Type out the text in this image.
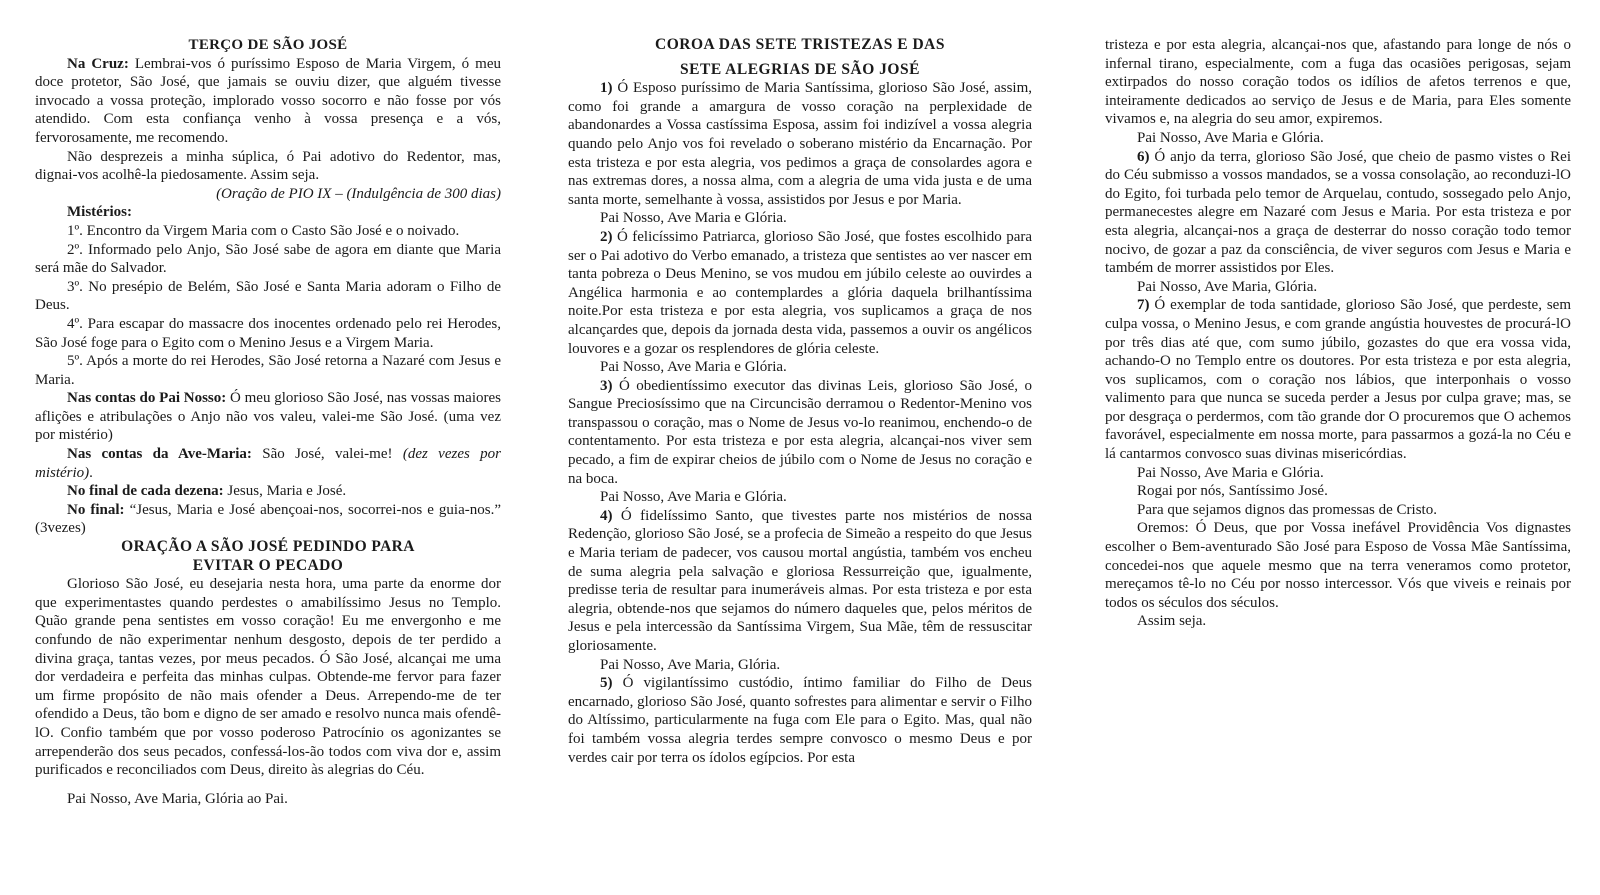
TERÇO DE SÃO JOSÉ

Na Cruz: Lembrai-vos ó puríssimo Esposo de Maria Virgem, ó meu doce protetor, São José, que jamais se ouviu dizer, que alguém tivesse invocado a vossa proteção, implorado vosso socorro e não fosse por vós atendido. Com esta confiança venho à vossa presença e a vós, fervorosamente, me recomendo.

Não desprezeis a minha súplica, ó Pai adotivo do Redentor, mas, dignai-vos acolhê-la piedosamente. Assim seja.

(Oração de PIO IX – (Indulgência de 300 dias)

Mistérios:

1º. Encontro da Virgem Maria com o Casto São José e o noivado.

2º. Informado pelo Anjo, São José sabe de agora em diante que Maria será mãe do Salvador.

3º. No presépio de Belém, São José e Santa Maria adoram o Filho de Deus.

4º. Para escapar do massacre dos inocentes ordenado pelo rei Herodes, São José foge para o Egito com o Menino Jesus e a Virgem Maria.

5º. Após a morte do rei Herodes, São José retorna a Nazaré com Jesus e Maria.

Nas contas do Pai Nosso: Ó meu glorioso São José, nas vossas maiores aflições e atribulações o Anjo não vos valeu, valei-me São José. (uma vez por mistério)

Nas contas da Ave-Maria: São José, valei-me! (dez vezes por mistério).

No final de cada dezena: Jesus, Maria e José.

No final: “Jesus, Maria e José abençoai-nos, socorrei-nos e guia-nos.” (3vezes)

ORAÇÃO A SÃO JOSÉ PEDINDO PARA

EVITAR O PECADO

Glorioso São José, eu desejaria nesta hora, uma parte da enorme dor que experimentastes quando perdestes o amabilíssimo Jesus no Templo. Quão grande pena sentistes em vosso coração! Eu me envergonho e me confundo de não experimentar nenhum desgosto, depois de ter perdido a divina graça, tantas vezes, por meus pecados. Ó São José, alcançai me uma dor verdadeira e perfeita das minhas culpas. Obtende-me fervor para fazer um firme propósito de não mais ofender a Deus. Arrependo-me de ter ofendido a Deus, tão bom e digno de ser amado e resolvo nunca mais ofendê-lO. Confio também que por vosso poderoso Patrocínio os agonizantes se arrependerão dos seus pecados, confessá-los-ão todos com viva dor e, assim purificados e reconciliados com Deus, direito às alegrias do Céu.

Pai Nosso, Ave Maria, Glória ao Pai.

COROA DAS SETE TRISTEZAS E DAS

SETE ALEGRIAS DE SÃO JOSÉ

1) Ó Esposo puríssimo de Maria Santíssima, glorioso São José, assim, como foi grande a amargura de vosso coração na perplexidade de abandonardes a Vossa castíssima Esposa, assim foi indizível a vossa alegria quando pelo Anjo vos foi revelado o soberano mistério da Encarnação. Por esta tristeza e por esta alegria, vos pedimos a graça de consolardes agora e nas extremas dores, a nossa alma, com a alegria de uma vida justa e de uma santa morte, semelhante à vossa, assistidos por Jesus e por Maria.

Pai Nosso, Ave Maria e Glória.

2) Ó felicíssimo Patriarca, glorioso São José, que fostes escolhido para ser o Pai adotivo do Verbo emanado, a tristeza que sentistes ao ver nascer em tanta pobreza o Deus Menino, se vos mudou em júbilo celeste ao ouvirdes a Angélica harmonia e ao contemplardes a glória daquela brilhantíssima noite.Por esta tristeza e por esta alegria, vos suplicamos a graça de nos alcançardes que, depois da jornada desta vida, passemos a ouvir os angélicos louvores e a gozar os resplendores de glória celeste.

Pai Nosso, Ave Maria e Glória.

3) Ó obedientíssimo executor das divinas Leis, glorioso São José, o Sangue Preciosíssimo que na Circuncisão derramou o Redentor-Menino vos transpassou o coração, mas o Nome de Jesus vo-lo reanimou, enchendo-o de contentamento. Por esta tristeza e por esta alegria, alcançai-nos viver sem pecado, a fim de expirar cheios de júbilo com o Nome de Jesus no coração e na boca.

Pai Nosso, Ave Maria e Glória.

4) Ó fidelíssimo Santo, que tivestes parte nos mistérios de nossa Redenção, glorioso São José, se a profecia de Simeão a respeito do que Jesus e Maria teriam de padecer, vos causou mortal angústia, também vos encheu de suma alegria pela salvação e gloriosa Ressurreição que, igualmente, predisse teria de resultar para inumeráveis almas. Por esta tristeza e por esta alegria, obtende-nos que sejamos do número daqueles que, pelos méritos de Jesus e pela intercessão da Santíssima Virgem, Sua Mãe, têm de ressuscitar gloriosamente.

Pai Nosso, Ave Maria, Glória.

5) Ó vigilantíssimo custódio, íntimo familiar do Filho de Deus encarnado, glorioso São José, quanto sofrestes para alimentar e servir o Filho do Altíssimo, particularmente na fuga com Ele para o Egito. Mas, qual não foi também vossa alegria terdes sempre convosco o mesmo Deus e por verdes cair por terra os ídolos egípcios. Por esta

tristeza e por esta alegria, alcançai-nos que, afastando para longe de nós o infernal tirano, especialmente, com a fuga das ocasiões perigosas, sejam extirpados do nosso coração todos os idílios de afetos terrenos e que, inteiramente dedicados ao serviço de Jesus e de Maria, para Eles somente vivamos e, na alegria do seu amor, expiremos.

Pai Nosso, Ave Maria e Glória.

6) Ó anjo da terra, glorioso São José, que cheio de pasmo vistes o Rei do Céu submisso a vossos mandados, se a vossa consolação, ao reconduzi-lO do Egito, foi turbada pelo temor de Arquelau, contudo, sossegado pelo Anjo, permanecestes alegre em Nazaré com Jesus e Maria. Por esta tristeza e por esta alegria, alcançai-nos a graça de desterrar do nosso coração todo temor nocivo, de gozar a paz da consciência, de viver seguros com Jesus e Maria e também de morrer assistidos por Eles.

Pai Nosso, Ave Maria, Glória.

7) Ó exemplar de toda santidade, glorioso São José, que perdeste, sem culpa vossa, o Menino Jesus, e com grande angústia houvestes de procurá-lO por três dias até que, com sumo júbilo, gozastes do que era vossa vida, achando-O no Templo entre os doutores. Por esta tristeza e por esta alegria, vos suplicamos, com o coração nos lábios, que interponhais o vosso valimento para que nunca se suceda perder a Jesus por culpa grave; mas, se por desgraça o perdermos, com tão grande dor O procuremos que O achemos favorável, especialmente em nossa morte, para passarmos a gozá-la no Céu e lá cantarmos convosco suas divinas misericórdias.

Pai Nosso, Ave Maria e Glória.

Rogai por nós, Santíssimo José.

Para que sejamos dignos das promessas de Cristo.

Oremos: Ó Deus, que por Vossa inefável Providência Vos dignastes escolher o Bem-aventurado São José para Esposo de Vossa Mãe Santíssima, concedei-nos que aquele mesmo que na terra veneramos como protetor, mereçamos tê-lo no Céu por nosso intercessor. Vós que viveis e reinais por todos os séculos dos séculos.

Assim seja.
